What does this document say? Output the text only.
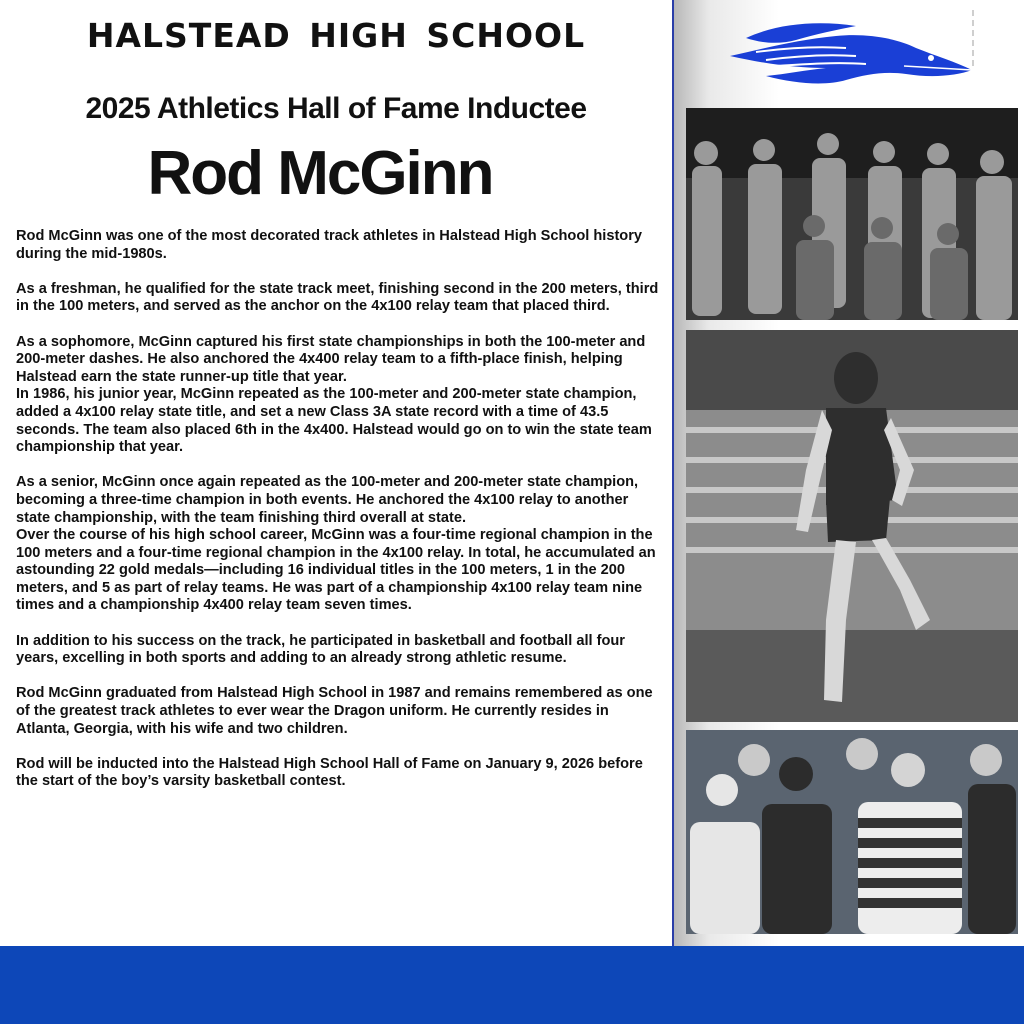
HALSTEAD HIGH SCHOOL
2025 Athletics Hall of Fame Inductee
Rod McGinn

Rod McGinn was one of the most decorated track athletes in Halstead High School history during the mid-1980s.

As a freshman, he qualified for the state track meet, finishing second in the 200 meters, third in the 100 meters, and served as the anchor on the 4x100 relay team that placed third.

As a sophomore, McGinn captured his first state championships in both the 100-meter and 200-meter dashes. He also anchored the 4x400 relay team to a fifth-place finish, helping Halstead earn the state runner-up title that year.

In 1986, his junior year, McGinn repeated as the 100-meter and 200-meter state champion, added a 4x100 relay state title, and set a new Class 3A state record with a time of 43.5 seconds. The team also placed 6th in the 4x400. Halstead would go on to win the state team championship that year.

As a senior, McGinn once again repeated as the 100-meter and 200-meter state champion, becoming a three-time champion in both events. He anchored the 4x100 relay to another state championship, with the team finishing third overall at state.

Over the course of his high school career, McGinn was a four-time regional champion in the 100 meters and a four-time regional champion in the 4x100 relay. In total, he accumulated an astounding 22 gold medals—including 16 individual titles in the 100 meters, 1 in the 200 meters, and 5 as part of relay teams. He was part of a championship 4x100 relay team nine times and a championship 4x400 relay team seven times.

In addition to his success on the track, he participated in basketball and football all four years, excelling in both sports and adding to an already strong athletic resume.

Rod McGinn graduated from Halstead High School in 1987 and remains remembered as one of the greatest track athletes to ever wear the Dragon uniform. He currently resides in Atlanta, Georgia, with his wife and two children.

Rod will be inducted into the Halstead High School Hall of Fame on January 9, 2026 before the start of the boy’s varsity basketball contest.
